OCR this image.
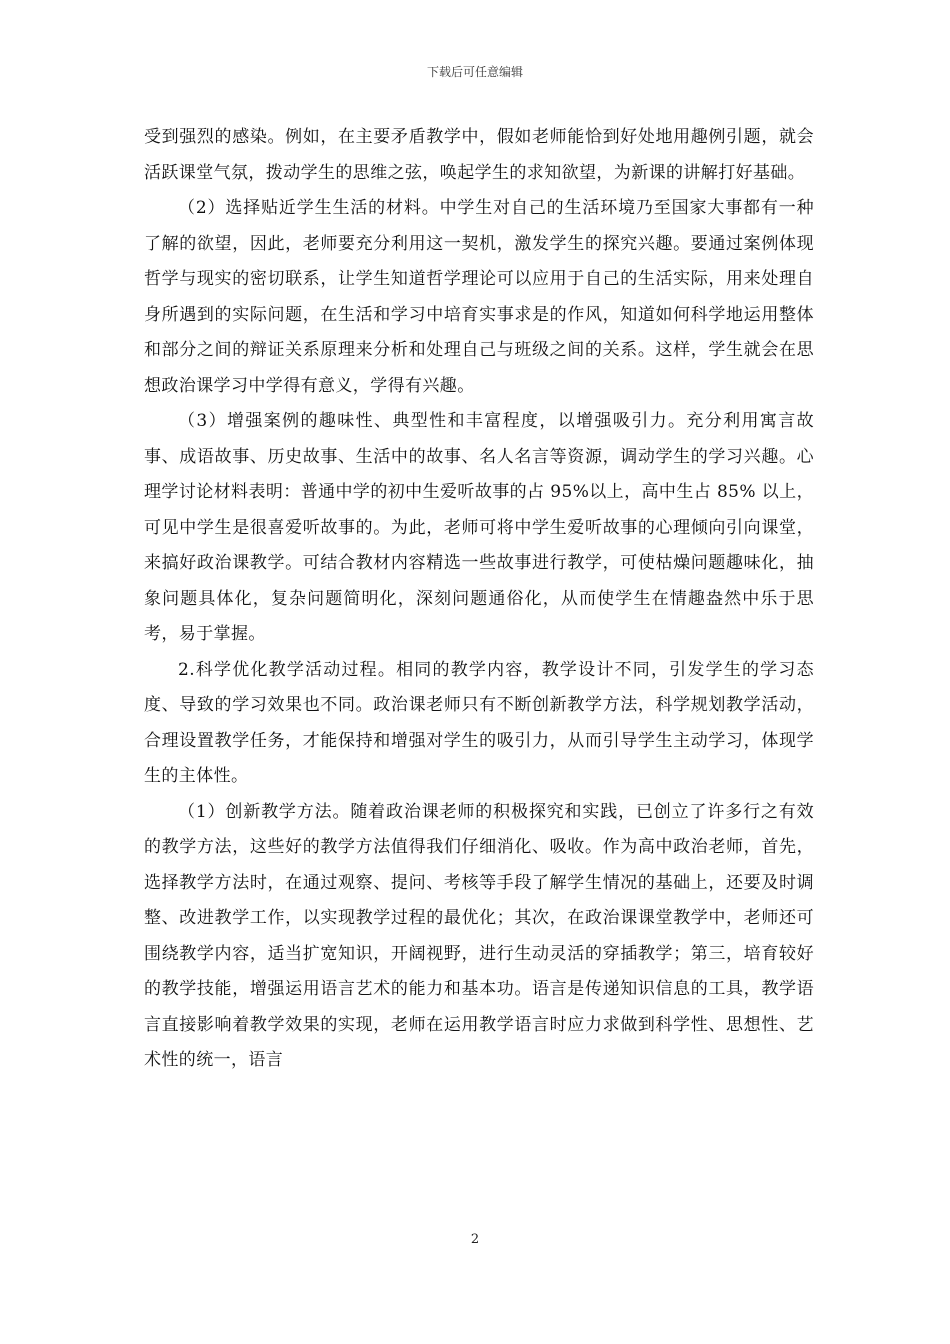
下载后可任意编辑

受到强烈的感染。例如，在主要矛盾教学中，假如老师能恰到好处地用趣例引题，就会活跃课堂气氛，拨动学生的思维之弦，唤起学生的求知欲望，为新课的讲解打好基础。

（2）选择贴近学生生活的材料。中学生对自己的生活环境乃至国家大事都有一种了解的欲望，因此，老师要充分利用这一契机，激发学生的探究兴趣。要通过案例体现哲学与现实的密切联系，让学生知道哲学理论可以应用于自己的生活实际，用来处理自身所遇到的实际问题，在生活和学习中培育实事求是的作风，知道如何科学地运用整体和部分之间的辩证关系原理来分析和处理自己与班级之间的关系。这样，学生就会在思想政治课学习中学得有意义，学得有兴趣。

（3）增强案例的趣味性、典型性和丰富程度，以增强吸引力。充分利用寓言故事、成语故事、历史故事、生活中的故事、名人名言等资源，调动学生的学习兴趣。心理学讨论材料表明：普通中学的初中生爱听故事的占 95%以上，高中生占 85% 以上，可见中学生是很喜爱听故事的。为此，老师可将中学生爱听故事的心理倾向引向课堂，来搞好政治课教学。可结合教材内容精选一些故事进行教学，可使枯燥问题趣味化，抽象问题具体化，复杂问题简明化，深刻问题通俗化，从而使学生在情趣盎然中乐于思考，易于掌握。

2.科学优化教学活动过程。相同的教学内容，教学设计不同，引发学生的学习态度、导致的学习效果也不同。政治课老师只有不断创新教学方法，科学规划教学活动，合理设置教学任务，才能保持和增强对学生的吸引力，从而引导学生主动学习，体现学生的主体性。

（1）创新教学方法。随着政治课老师的积极探究和实践，已创立了许多行之有效的教学方法，这些好的教学方法值得我们仔细消化、吸收。作为高中政治老师，首先，选择教学方法时，在通过观察、提问、考核等手段了解学生情况的基础上，还要及时调整、改进教学工作，以实现教学过程的最优化；其次，在政治课课堂教学中，老师还可围绕教学内容，适当扩宽知识，开阔视野，进行生动灵活的穿插教学；第三，培育较好的教学技能，增强运用语言艺术的能力和基本功。语言是传递知识信息的工具，教学语言直接影响着教学效果的实现，老师在运用教学语言时应力求做到科学性、思想性、艺术性的统一，语言

2
